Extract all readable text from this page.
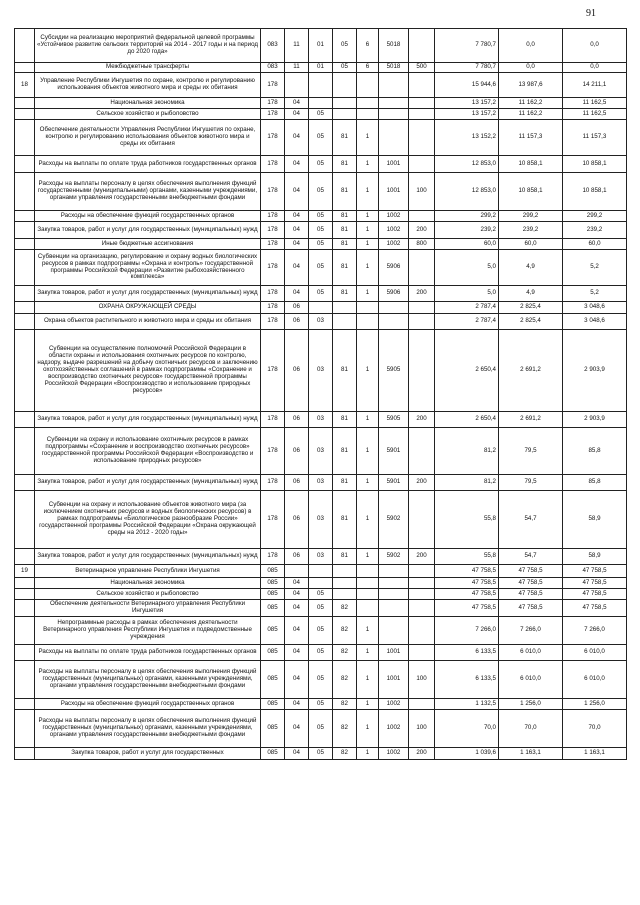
91
	Субсидии на реализацию мероприятий федеральной целевой программы «Устойчивое развитие сельских территорий на 2014 - 2017 годы и на период до 2020 года»	083	11	01	05	6	5018		7 780,7	0,0	0,0
	Межбюджетные трансферты	083	11	01	05	6	5018	500	7 780,7	0,0	0,0
18	Управление Республики Ингушетия по охране, контролю и регулированию использования объектов животного мира и среды их обитания	178							15 944,6	13 987,6	14 211,1
	Национальная экономика	178	04						13 157,2	11 162,2	11 162,5
	Сельское хозяйство и рыболовство	178	04	05					13 157,2	11 162,2	11 162,5
	Обеспечение деятельности Управления Республики Ингушетия по охране, контролю и регулированию использования объектов животного мира и среды их обитания	178	04	05	81	1			13 152,2	11 157,3	11 157,3
	Расходы на выплаты по оплате труда работников государственных органов	178	04	05	81	1	1001		12 853,0	10 858,1	10 858,1
	Расходы на выплаты персоналу в целях обеспечения выполнения функций государственными (муниципальными) органами, казенными учреждениями, органами управления государственными внебюджетными фондами	178	04	05	81	1	1001	100	12 853,0	10 858,1	10 858,1
	Расходы на обеспечение функций государственных органов	178	04	05	81	1	1002		299,2	299,2	299,2
	Закупка товаров, работ и услуг для государственных (муниципальных) нужд	178	04	05	81	1	1002	200	239,2	239,2	239,2
	Иные бюджетные ассигнования	178	04	05	81	1	1002	800	60,0	60,0	60,0
	Субвенции на организацию, регулирование и охрану водных биологических ресурсов в рамках подпрограммы «Охрана и контроль» государственной программы Российской Федерации «Развитие рыбохозяйственного комплекса»	178	04	05	81	1	5906		5,0	4,9	5,2
	Закупка товаров, работ и услуг для государственных (муниципальных) нужд	178	04	05	81	1	5906	200	5,0	4,9	5,2
	ОХРАНА ОКРУЖАЮЩЕЙ СРЕДЫ	178	06						2 787,4	2 825,4	3 048,6
	Охрана объектов растительного и животного мира и среды их обитания	178	06	03					2 787,4	2 825,4	3 048,6
	Субвенции на осуществление полномочий Российской Федерации в области охраны и использования охотничьих ресурсов по контролю, надзору, выдаче разрешений на добычу охотничьих ресурсов и заключению охотхозяйственных соглашений в рамках подпрограммы «Сохранение и воспроизводство охотничьих ресурсов» государственной программы Российской Федерации «Воспроизводство и использование природных ресурсов»	178	06	03	81	1	5905		2 650,4	2 691,2	2 903,9
	Закупка товаров, работ и услуг для государственных (муниципальных) нужд	178	06	03	81	1	5905	200	2 650,4	2 691,2	2 903,9
	Субвенции на охрану и использование охотничьих ресурсов в рамках подпрограммы «Сохранение и воспроизводство охотничьих ресурсов» государственной программы Российской Федерации «Воспроизводство и использование природных ресурсов»	178	06	03	81	1	5901		81,2	79,5	85,8
	Закупка товаров, работ и услуг для государственных (муниципальных) нужд	178	06	03	81	1	5901	200	81,2	79,5	85,8
	Субвенции на охрану и использование объектов животного мира (за исключением охотничьих ресурсов и водных биологических ресурсов) в рамках подпрограммы «Биологическое разнообразие России» государственной программы Российской Федерации «Охрана окружающей среды на 2012 - 2020 годы»	178	06	03	81	1	5902		55,8	54,7	58,9
	Закупка товаров, работ и услуг для государственных (муниципальных) нужд	178	06	03	81	1	5902	200	55,8	54,7	58,9
19	Ветеринарное управление Республики Ингушетия	085							47 758,5	47 758,5	47 758,5
	Национальная экономика	085	04						47 758,5	47 758,5	47 758,5
	Сельское хозяйство и рыболовство	085	04	05					47 758,5	47 758,5	47 758,5
	Обеспечение деятельности Ветеринарного управления Республики Ингушетия	085	04	05	82				47 758,5	47 758,5	47 758,5
	Непрограммные расходы в рамках обеспечения деятельности Ветеринарного управления Республики Ингушетия и подведомственные учреждения	085	04	05	82	1			7 266,0	7 266,0	7 266,0
	Расходы на выплаты по оплате труда работников государственных органов	085	04	05	82	1	1001		6 133,5	6 010,0	6 010,0
	Расходы на выплаты персоналу в целях обеспечения выполнения функций государственных (муниципальных) органами, казенными учреждениями, органами управления государственными внебюджетными фондами	085	04	05	82	1	1001	100	6 133,5	6 010,0	6 010,0
	Расходы на обеспечение функций государственных органов	085	04	05	82	1	1002		1 132,5	1 256,0	1 256,0
	Расходы на выплаты персоналу в целях обеспечения выполнения функций государственных (муниципальных) органами, казенными учреждениями, органами управления государственными внебюджетными фондами	085	04	05	82	1	1002	100	70,0	70,0	70,0
	Закупка товаров, работ и услуг для государственных	085	04	05	82	1	1002	200	1 039,6	1 163,1	1 163,1
